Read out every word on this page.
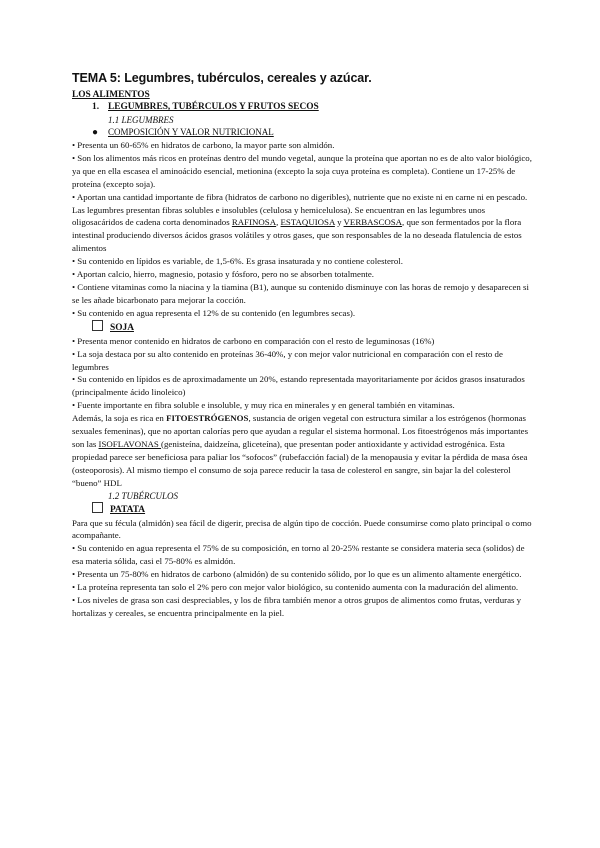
TEMA 5: Legumbres, tubérculos, cereales y azúcar.
LOS ALIMENTOS
1. LEGUMBRES, TUBÉRCULOS Y FRUTOS SECOS
1.1 LEGUMBRES
● COMPOSICIÓN Y VALOR NUTRICIONAL

• Presenta un 60-65% en hidratos de carbono, la mayor parte son almidón.

• Son los alimentos más ricos en proteínas dentro del mundo vegetal, aunque la proteína que aportan no es de alto valor biológico, ya que en ella escasea el aminoácido esencial, metionina (excepto la soja cuya proteína es completa). Contiene un 17-25% de proteína (excepto soja).

• Aportan una cantidad importante de fibra (hidratos de carbono no digeribles), nutriente que no existe ni en carne ni en pescado. Las legumbres presentan fibras solubles e insolubles (celulosa y hemicelulosa). Se encuentran en las legumbres unos oligosacáridos de cadena corta denominados RAFINOSA, ESTAQUIOSA y VERBASCOSA, que son fermentados por la flora intestinal produciendo diversos ácidos grasos volátiles y otros gases, que son responsables de la no deseada flatulencia de estos alimentos

• Su contenido en lípidos es variable, de 1,5-6%. Es grasa insaturada y no contiene colesterol.

• Aportan calcio, hierro, magnesio, potasio y fósforo, pero no se absorben totalmente.

• Contiene vitaminas como la niacina y la tiamina (B1), aunque su contenido disminuye con las horas de remojo y desaparecen si se les añade bicarbonato para mejorar la cocción.

• Su contenido en agua representa el 12% de su contenido (en legumbres secas).

SOJA

• Presenta menor contenido en hidratos de carbono en comparación con el resto de leguminosas (16%)

• La soja destaca por su alto contenido en proteínas 36-40%, y con mejor valor nutricional en comparación con el resto de legumbres

• Su contenido en lípidos es de aproximadamente un 20%, estando representada mayoritariamente por ácidos grasos insaturados (principalmente ácido linoleico)

• Fuente importante en fibra soluble e insoluble, y muy rica en minerales y en general también en vitaminas.

Además, la soja es rica en FITOESTRÓGENOS, sustancia de origen vegetal con estructura similar a los estrógenos (hormonas sexuales femeninas), que no aportan calorías pero que ayudan a regular el sistema hormonal. Los fitoestrógenos más importantes son las ISOFLAVONAS (genisteína, daidzeína, gliceteína), que presentan poder antioxidante y actividad estrogénica. Esta propiedad parece ser beneficiosa para paliar los “sofocos” (rubefacción facial) de la menopausia y evitar la pérdida de masa ósea (osteoporosis). Al mismo tiempo el consumo de soja parece reducir la tasa de colesterol en sangre, sin bajar la del colesterol “bueno” HDL

1.2 TUBÉRCULOS
PATATA

Para que su fécula (almidón) sea fácil de digerir, precisa de algún tipo de cocción. Puede consumirse como plato principal o como acompañante.

• Su contenido en agua representa el 75% de su composición, en torno al 20-25% restante se considera materia seca (solidos) de esa materia sólida, casi el 75-80% es almidón.

• Presenta un 75-80% en hidratos de carbono (almidón) de su contenido sólido, por lo que es un alimento altamente energético.

• La proteína representa tan solo el 2% pero con mejor valor biológico, su contenido aumenta con la maduración del alimento.

• Los niveles de grasa son casi despreciables, y los de fibra también menor a otros grupos de alimentos como frutas, verduras y hortalizas y cereales, se encuentra principalmente en la piel.
